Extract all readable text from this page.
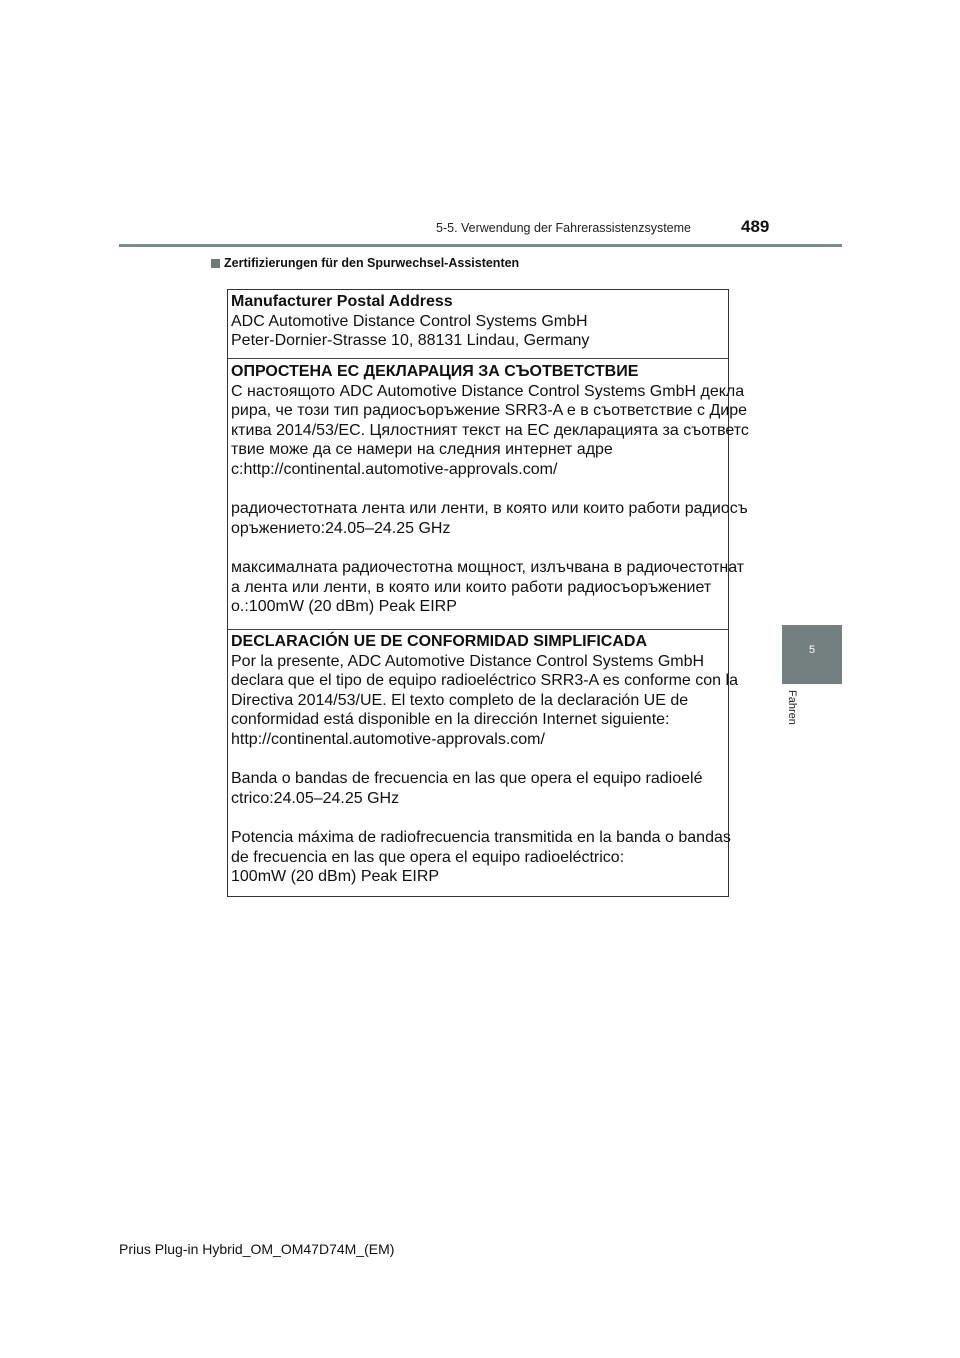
5-5. Verwendung der Fahrerassistenzsysteme	489
Zertifizierungen für den Spurwechsel-Assistenten
5
Fahren
Manufacturer Postal Address
ADC Automotive Distance Control Systems GmbH
Peter-Dornier-Strasse 10, 88131 Lindau, Germany
ОПРОСТЕНА ЕС ДЕКЛАРАЦИЯ ЗА СЪОТВЕТСТВИЕ
С настоящото ADC Automotive Distance Control Systems GmbH декла
рира, че този тип радиосъоръжение SRR3-A е в съответствие с Дире
ктива 2014/53/ЕС. Цялостният текст на ЕС декларацията за съответс
твие може да се намери на следния интернет адре
с:http://continental.automotive-approvals.com/
радиочестотната лента или ленти, в която или които работи радиосъ
оръжението:24.05–24.25 GHz
максималната радиочестотна мощност, излъчвана в радиочестотнат
а лента или ленти, в която или които работи радиосъоръжениет
о.:100mW (20 dBm) Peak EIRP
DECLARACIÓN UE DE CONFORMIDAD SIMPLIFICADA
Por la presente, ADC Automotive Distance Control Systems GmbH
declara que el tipo de equipo radioeléctrico SRR3-A es conforme con la
Directiva 2014/53/UE. El texto completo de la declaración UE de
conformidad está disponible en la dirección Internet siguiente:
http://continental.automotive-approvals.com/
Banda o bandas de frecuencia en las que opera el equipo radioelé
ctrico:24.05–24.25 GHz
Potencia máxima de radiofrecuencia transmitida en la banda o bandas
de frecuencia en las que opera el equipo radioeléctrico:
100mW (20 dBm) Peak EIRP
Prius Plug-in Hybrid_OM_OM47D74M_(EM)
